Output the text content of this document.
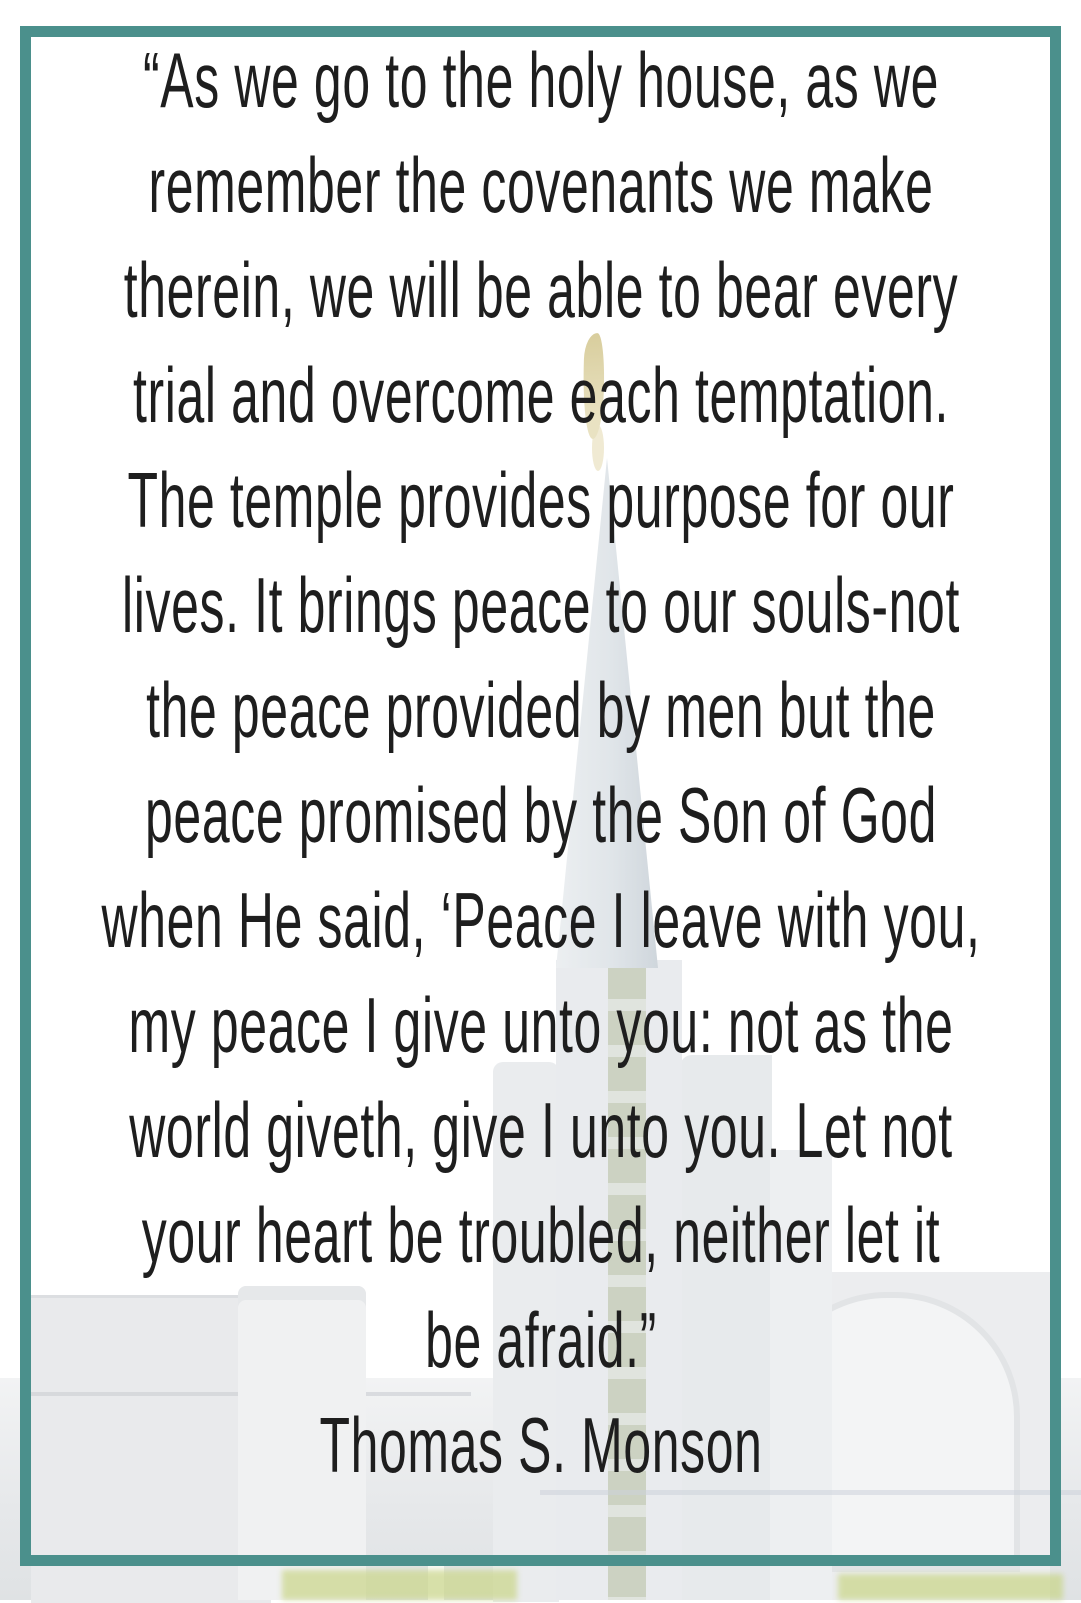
“As we go to the holy house, as we
remember the covenants we make
therein, we will be able to bear every
trial and overcome each temptation.
The temple provides purpose for our
lives. It brings peace to our souls-not
the peace provided by men but the
peace promised by the Son of God
when He said, ‘Peace I leave with you,
my peace I give unto you: not as the
world giveth, give I unto you. Let not
your heart be troubled, neither let it
be afraid.”
Thomas S. Monson
